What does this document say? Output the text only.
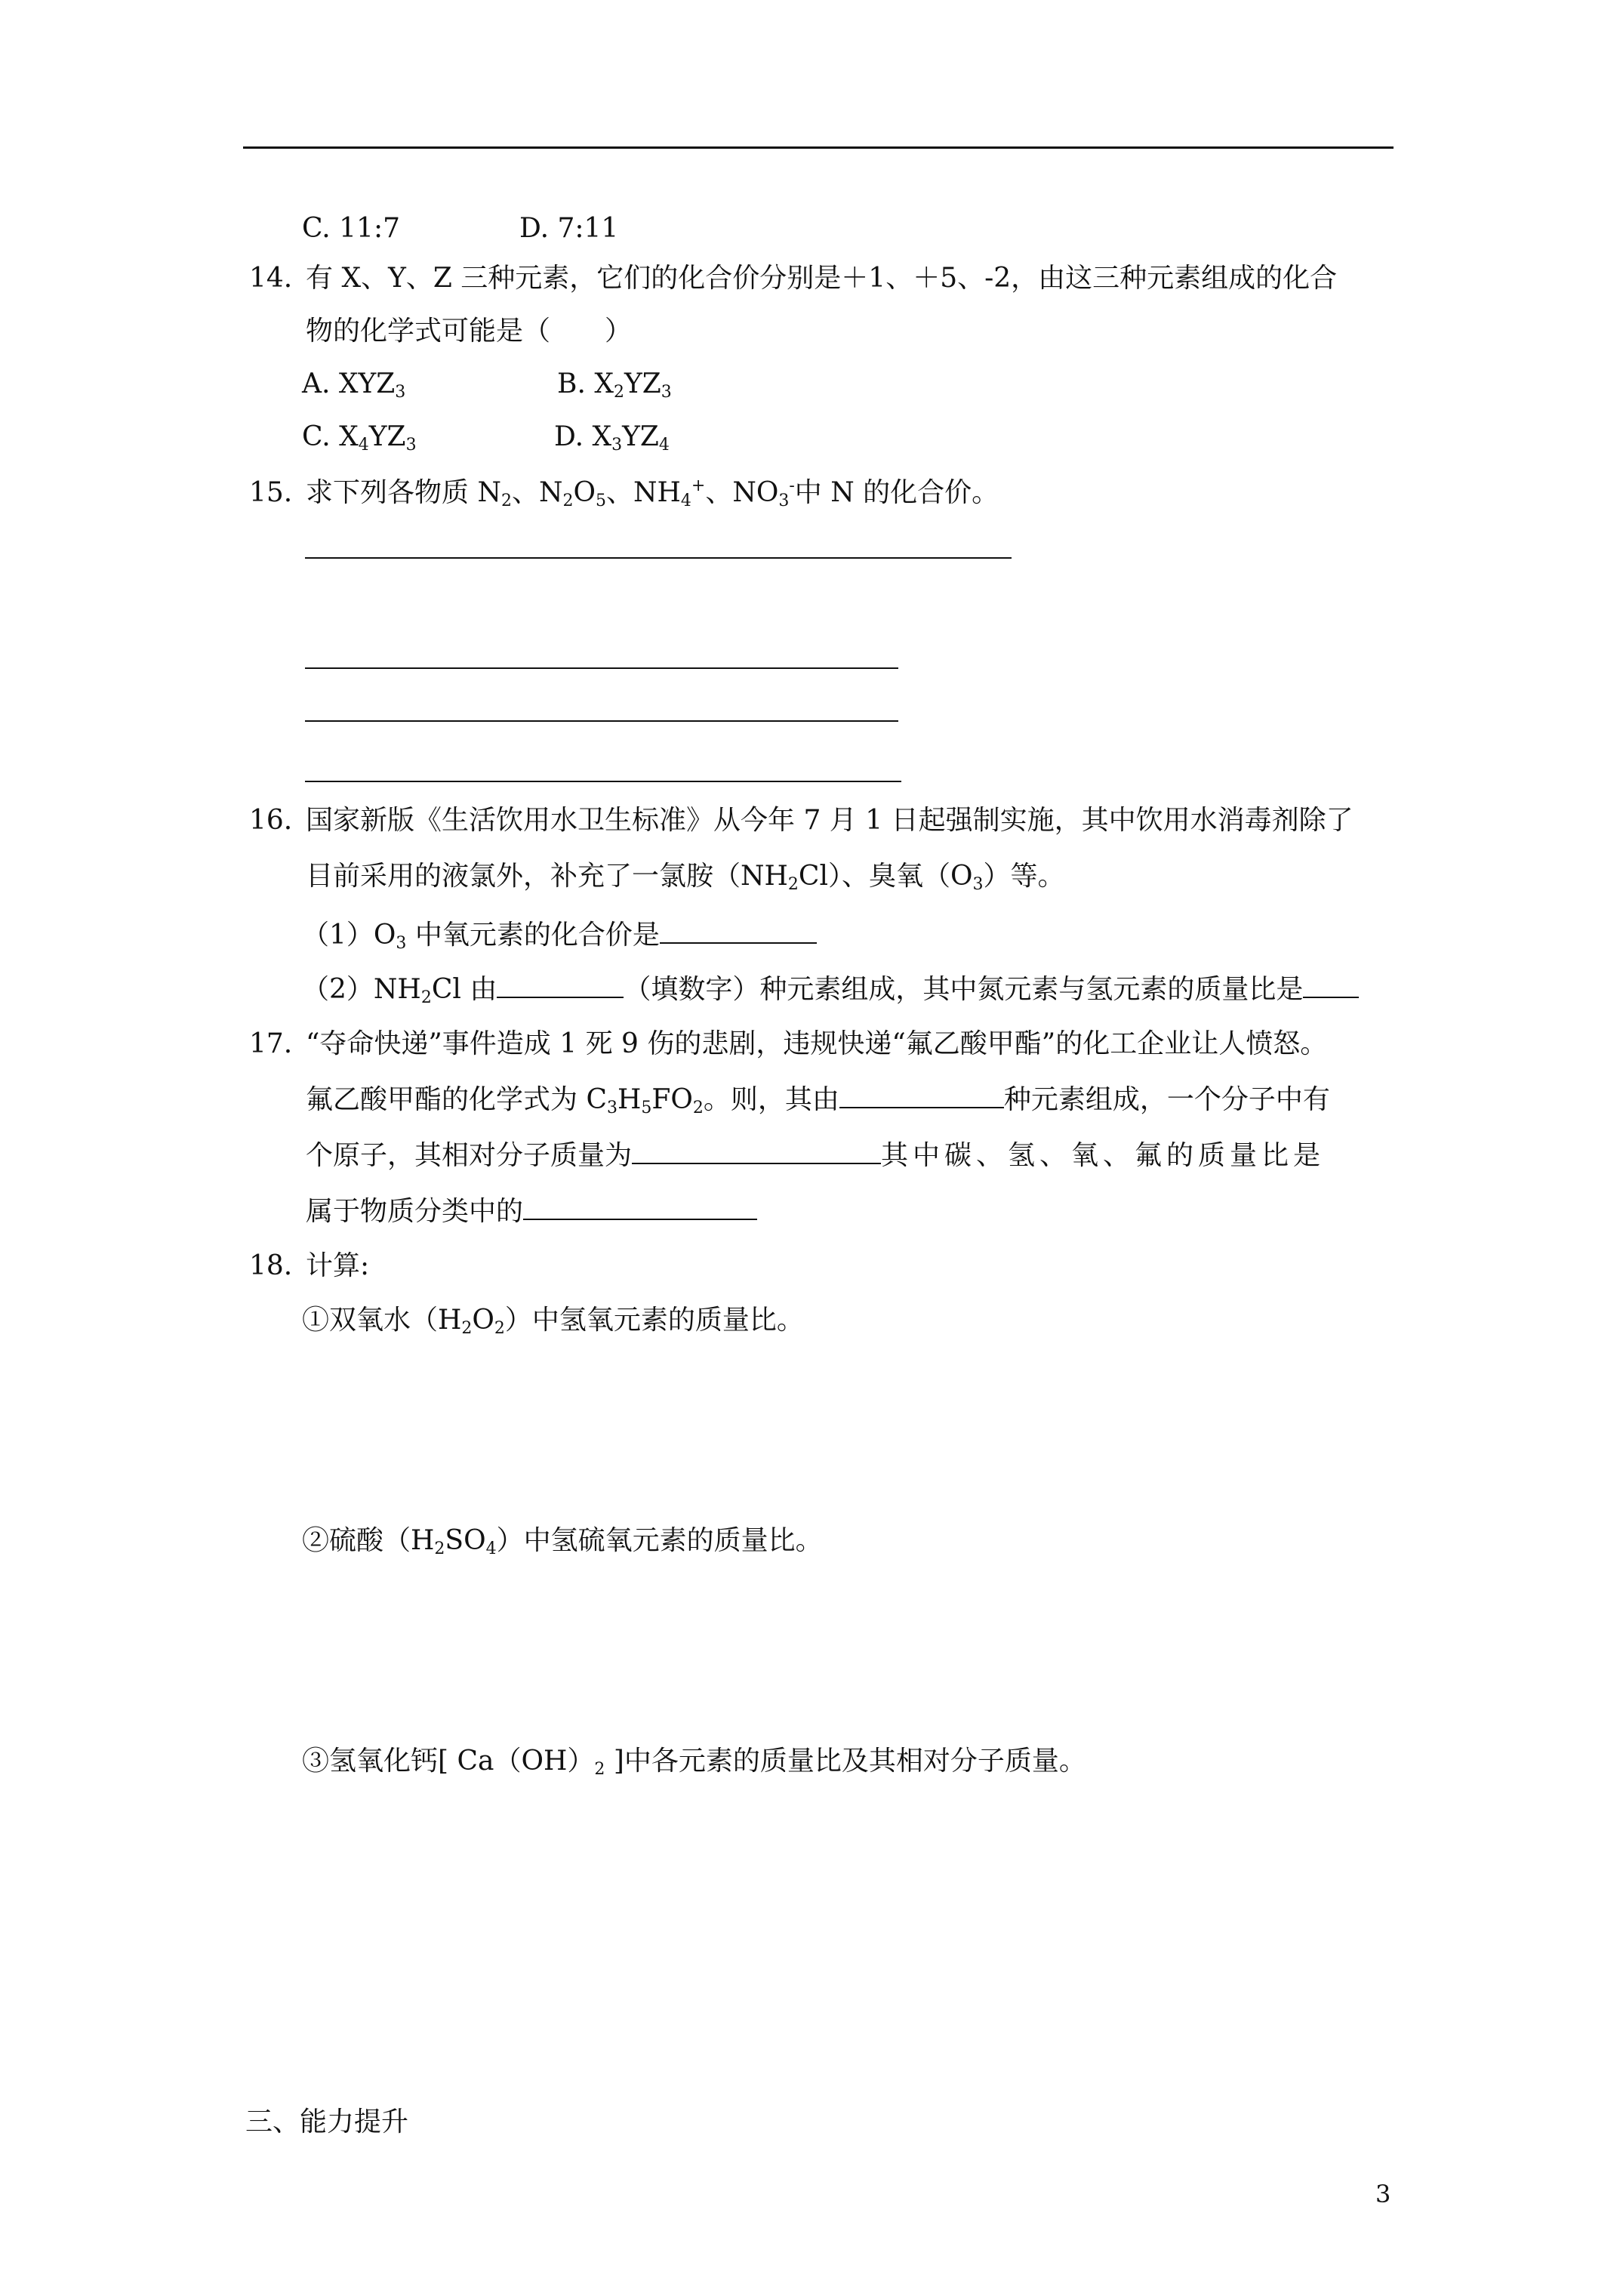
C. 11:7	D. 7:11
14. 有 X、Y、Z 三种元素，它们的化合价分别是＋1、＋5、-2，由这三种元素组成的化合
物的化学式可能是（　　）
A. $XYZ_3$	B. $X_2YZ_3$
C. $X_4YZ_3$	D. $X_3YZ_4$
15. 求下列各物质 $N_2$、$N_2O_5$、$NH_4^+$、$NO_3^-$中 N 的化合价。
16. 国家新版《生活饮用水卫生标准》从今年 7 月 1 日起强制实施，其中饮用水消毒剂除了
目前采用的液氯外，补充了一氯胺$(NH_2Cl)$、臭氧$(O_3)$等。
$(1)O_3$ 中氧元素的化合价是
$(2)NH_2Cl$ 由	（填数字）种元素组成，其中氮元素与氢元素的质量比是
17. “夺命快递”事件造成 1 死 9 伤的悲剧，违规快递“氟乙酸甲酯”的化工企业让人愤怒。
氟乙酸甲酯的化学式为 $C_3H_5FO_2$。则，其由	种元素组成，一个分子中有
个原子，其相对分子质量为	其中碳、氢、氧、氟的质量比是
属于物质分类中的
18. 计算:
①双氧水$(H_2O_2)$中氢氧元素的质量比。
②硫酸$(H_2SO_4)$中氢硫氧元素的质量比。
③氢氧化钙[ $Ca(OH)_2$ ]中各元素的质量比及其相对分子质量。
三、能力提升
3
